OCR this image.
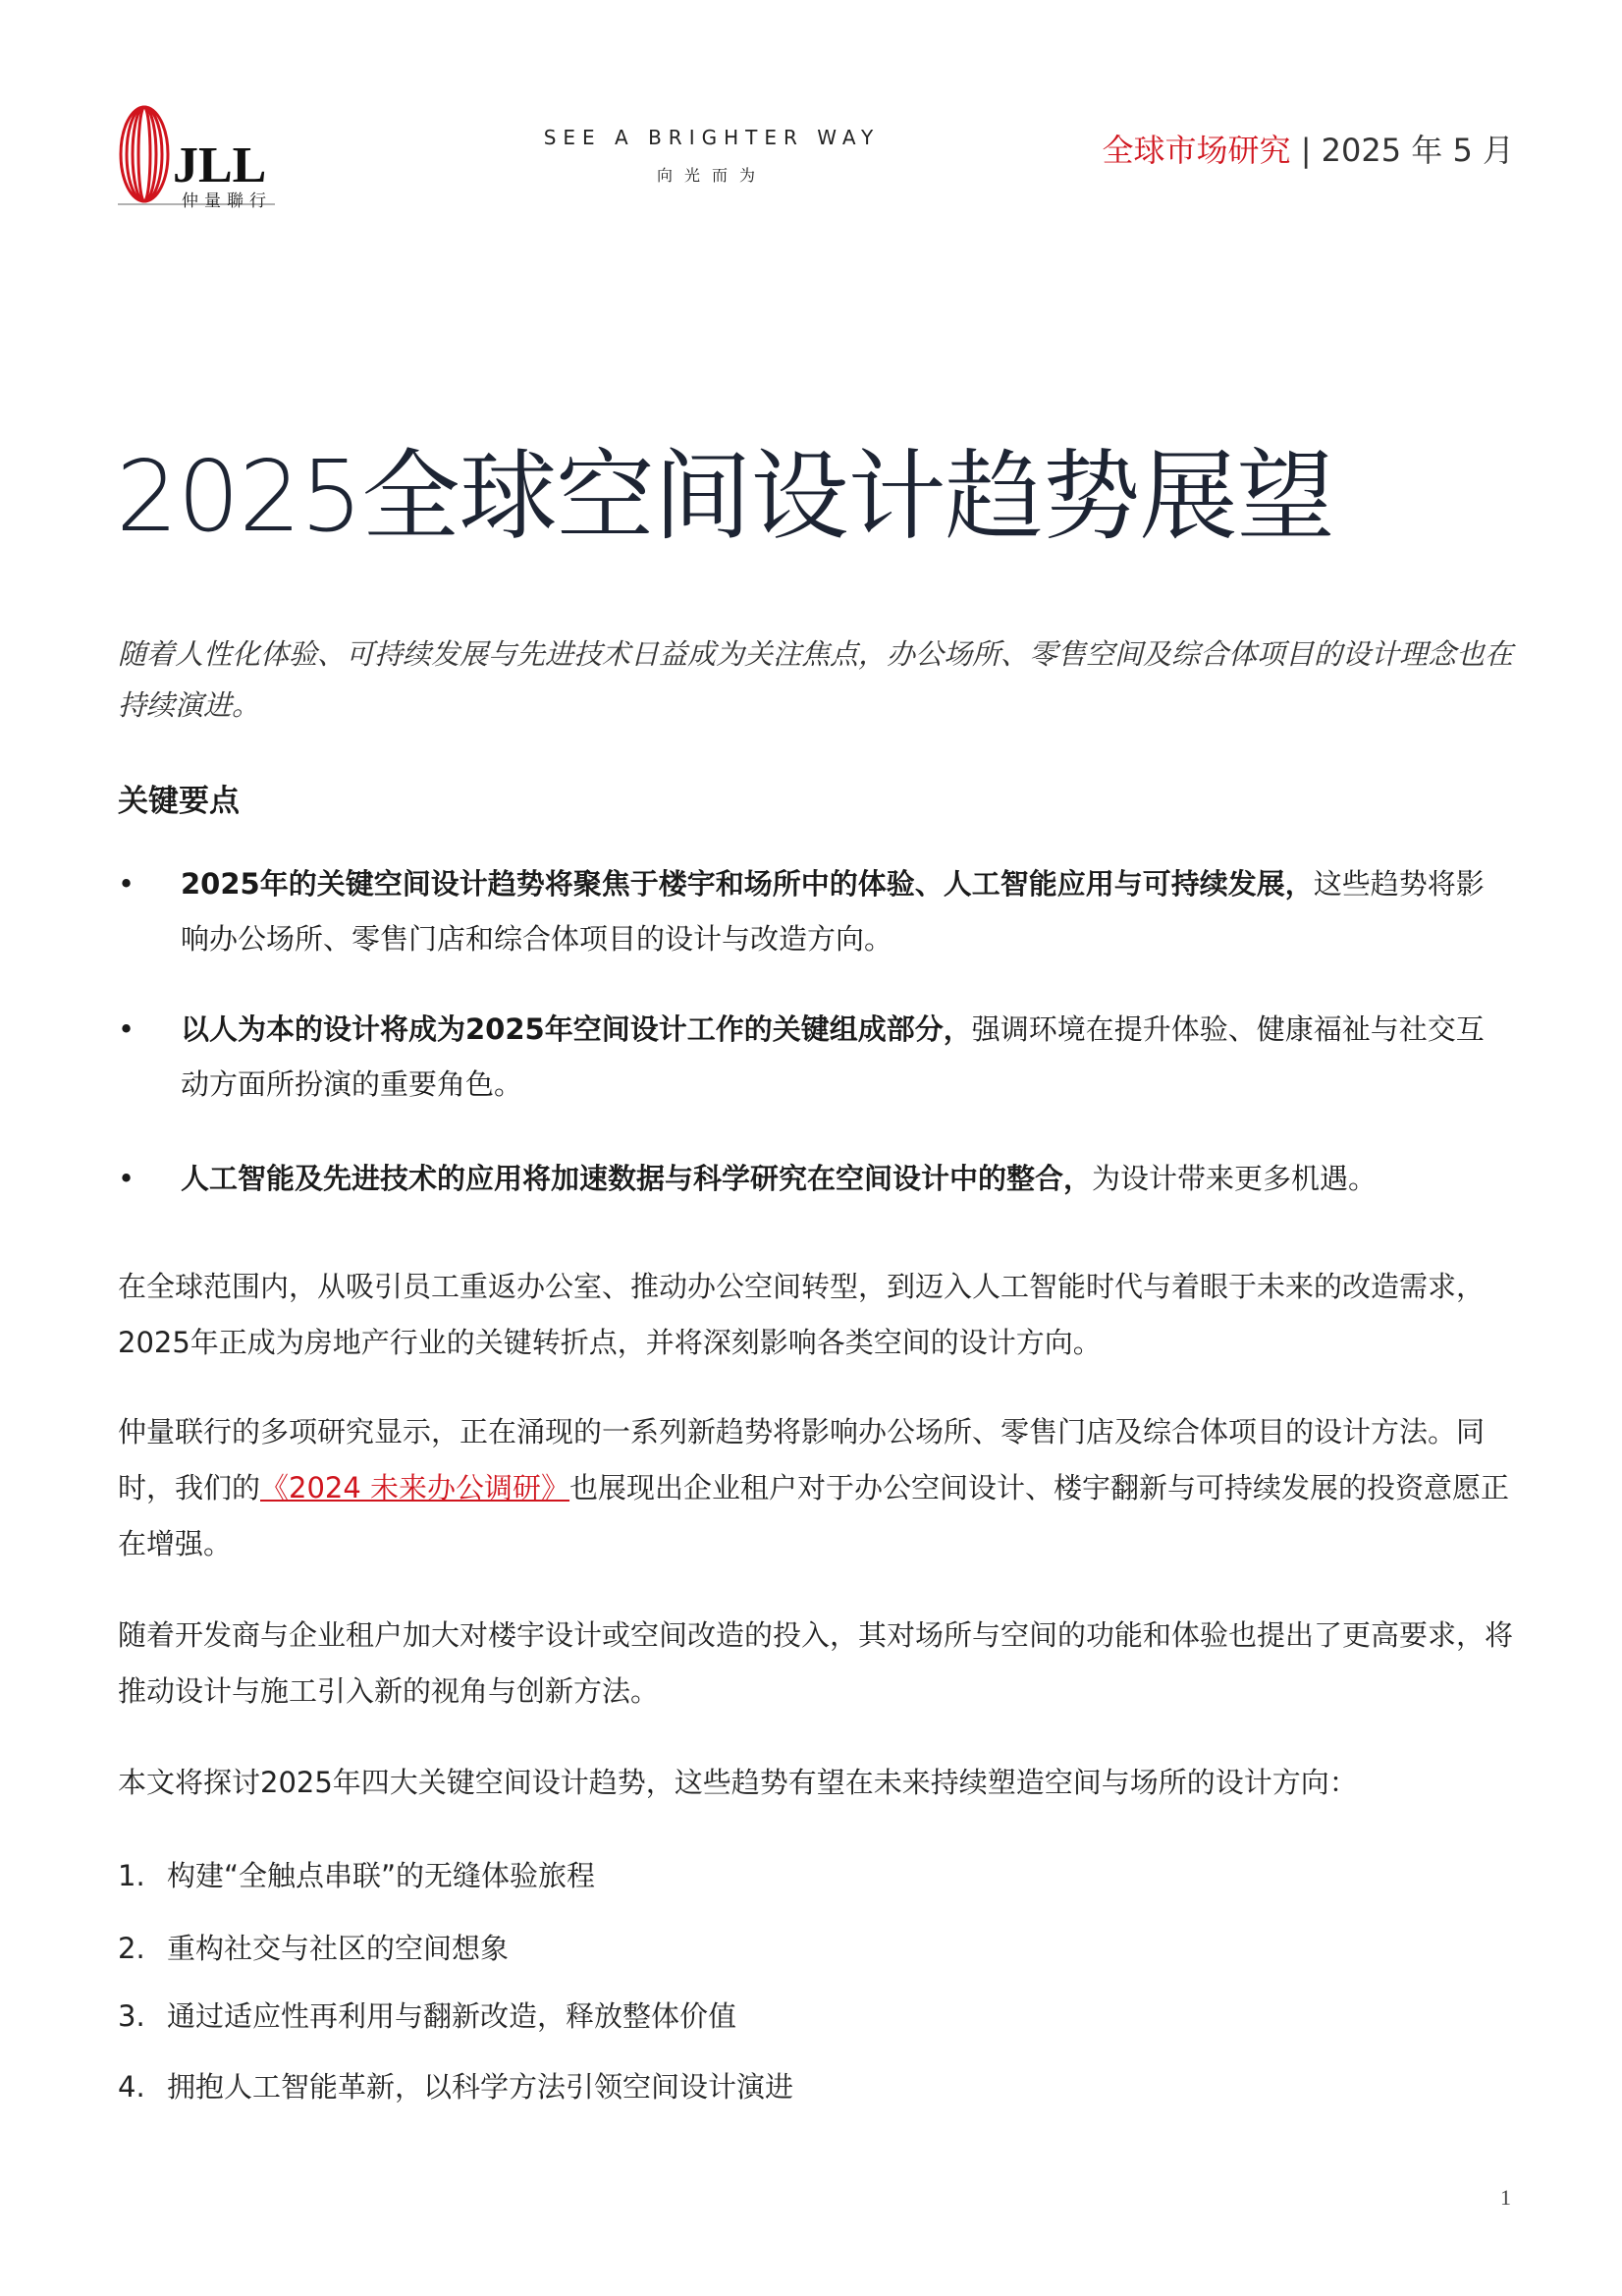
JLL
仲量聯行
SEE A BRIGHTER WAY
向光而为
全球市场研究 | 2025 年 5 月
2025全球空间设计趋势展望
随着人性化体验、可持续发展与先进技术日益成为关注焦点，办公场所、零售空间及综合体项目的设计理念也在持续演进。
关键要点
• 2025年的关键空间设计趋势将聚焦于楼宇和场所中的体验、人工智能应用与可持续发展，这些趋势将影响办公场所、零售门店和综合体项目的设计与改造方向。
• 以人为本的设计将成为2025年空间设计工作的关键组成部分，强调环境在提升体验、健康福祉与社交互动方面所扮演的重要角色。
• 人工智能及先进技术的应用将加速数据与科学研究在空间设计中的整合，为设计带来更多机遇。
在全球范围内，从吸引员工重返办公室、推动办公空间转型，到迈入人工智能时代与着眼于未来的改造需求，2025年正成为房地产行业的关键转折点，并将深刻影响各类空间的设计方向。
仲量联行的多项研究显示，正在涌现的一系列新趋势将影响办公场所、零售门店及综合体项目的设计方法。同时，我们的《2024 未来办公调研》也展现出企业租户对于办公空间设计、楼宇翻新与可持续发展的投资意愿正在增强。
随着开发商与企业租户加大对楼宇设计或空间改造的投入，其对场所与空间的功能和体验也提出了更高要求，将推动设计与施工引入新的视角与创新方法。
本文将探讨2025年四大关键空间设计趋势，这些趋势有望在未来持续塑造空间与场所的设计方向：
1. 构建“全触点串联”的无缝体验旅程
2. 重构社交与社区的空间想象
3. 通过适应性再利用与翻新改造，释放整体价值
4. 拥抱人工智能革新，以科学方法引领空间设计演进
1
